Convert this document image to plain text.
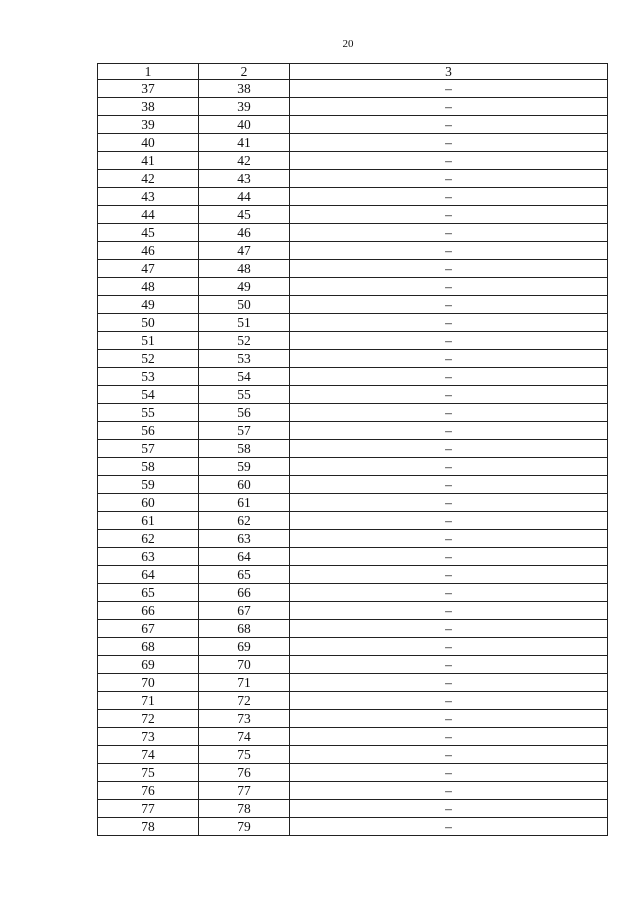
20
1	2	3
37	38	–
38	39	–
39	40	–
40	41	–
41	42	–
42	43	–
43	44	–
44	45	–
45	46	–
46	47	–
47	48	–
48	49	–
49	50	–
50	51	–
51	52	–
52	53	–
53	54	–
54	55	–
55	56	–
56	57	–
57	58	–
58	59	–
59	60	–
60	61	–
61	62	–
62	63	–
63	64	–
64	65	–
65	66	–
66	67	–
67	68	–
68	69	–
69	70	–
70	71	–
71	72	–
72	73	–
73	74	–
74	75	–
75	76	–
76	77	–
77	78	–
78	79	–
